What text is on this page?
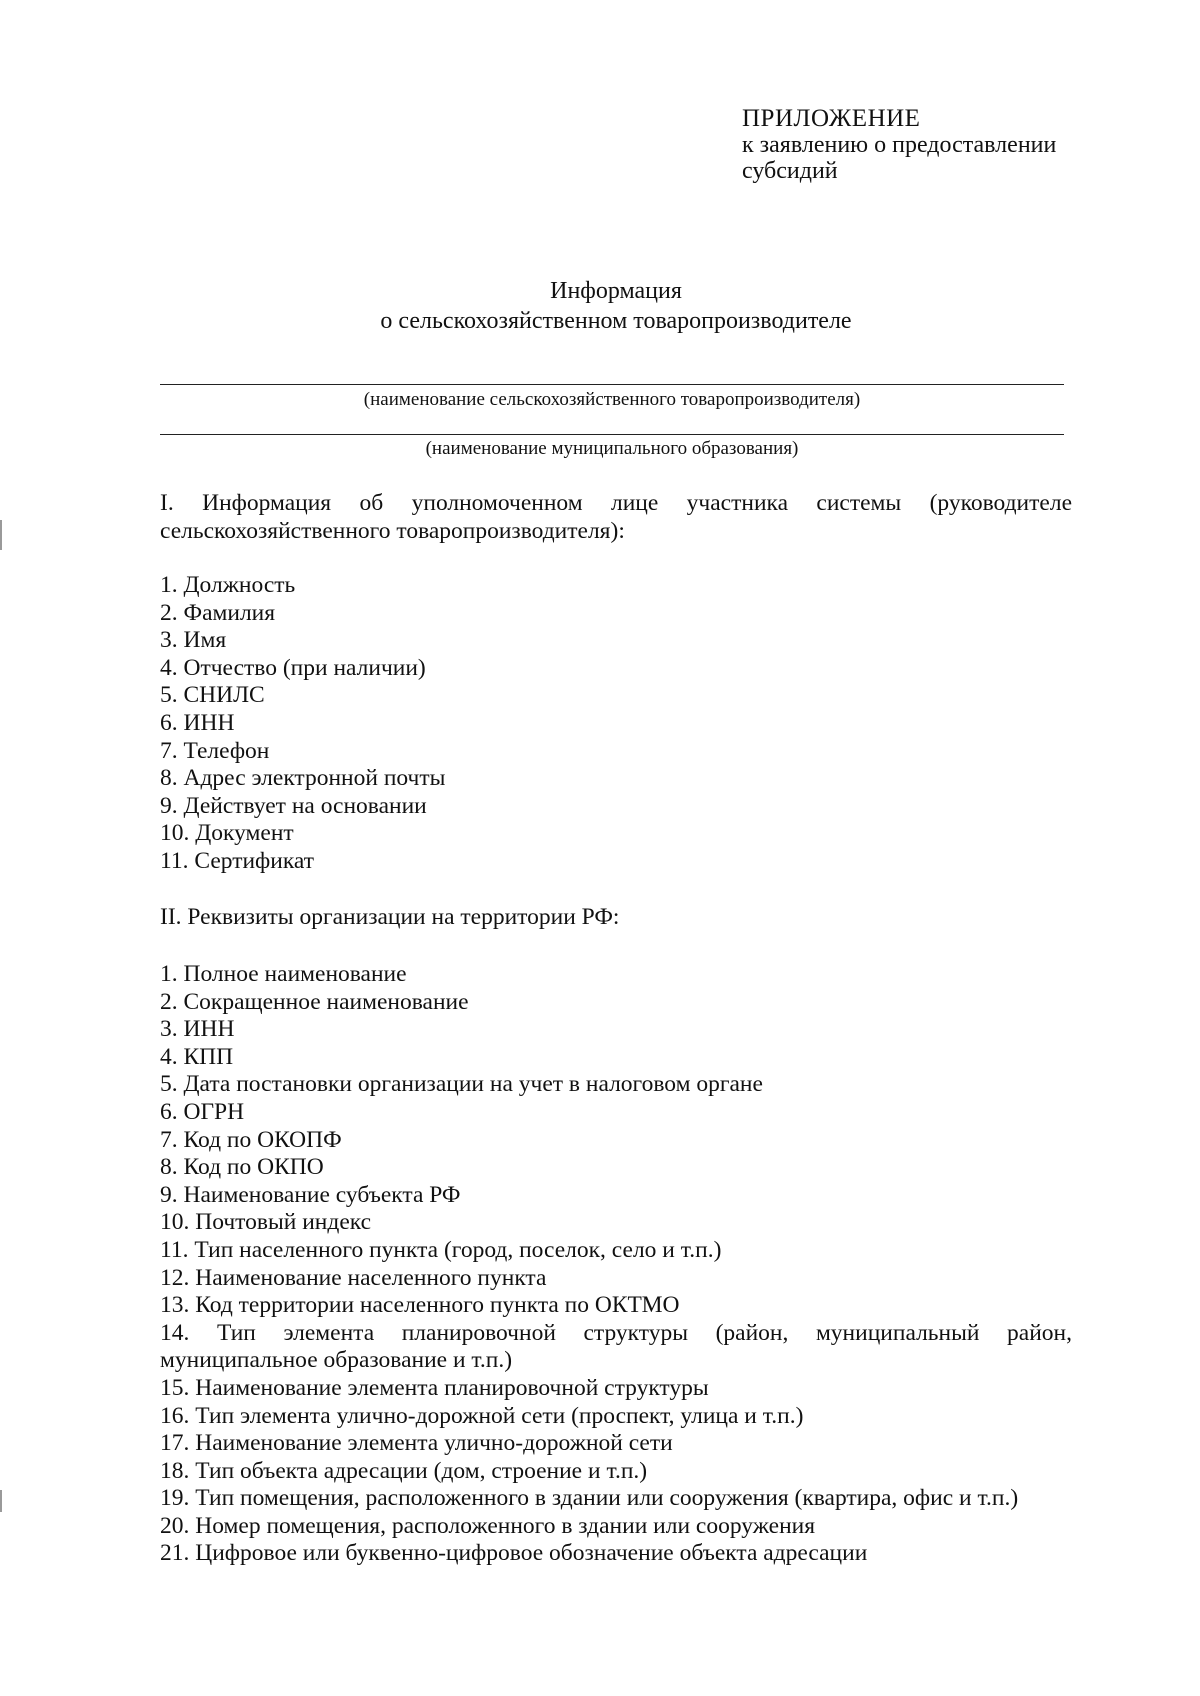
ПРИЛОЖЕНИЕ
к заявлению о предоставлении
субсидий
Информация
о сельскохозяйственном товаропроизводителе
(наименование сельскохозяйственного товаропроизводителя)
(наименование муниципального образования)
I. Информация об уполномоченном лице участника системы (руководителе сельскохозяйственного товаропроизводителя):
1. Должность
2. Фамилия
3. Имя
4. Отчество (при наличии)
5. СНИЛС
6. ИНН
7. Телефон
8. Адрес электронной почты
9. Действует на основании
10. Документ
11. Сертификат
II. Реквизиты организации на территории РФ:
1. Полное наименование
2. Сокращенное наименование
3. ИНН
4. КПП
5. Дата постановки организации на учет в налоговом органе
6. ОГРН
7. Код по ОКОПФ
8. Код по ОКПО
9. Наименование субъекта РФ
10. Почтовый индекс
11. Тип населенного пункта (город, поселок, село и т.п.)
12. Наименование населенного пункта
13. Код территории населенного пункта по ОКТМО
14. Тип элемента планировочной структуры (район, муниципальный район, муниципальное образование и т.п.)
15. Наименование элемента планировочной структуры
16. Тип элемента улично-дорожной сети (проспект, улица и т.п.)
17. Наименование элемента улично-дорожной сети
18. Тип объекта адресации (дом, строение и т.п.)
19. Тип помещения, расположенного в здании или сооружения (квартира, офис и т.п.)
20. Номер помещения, расположенного в здании или сооружения
21. Цифровое или буквенно-цифровое обозначение объекта адресации
